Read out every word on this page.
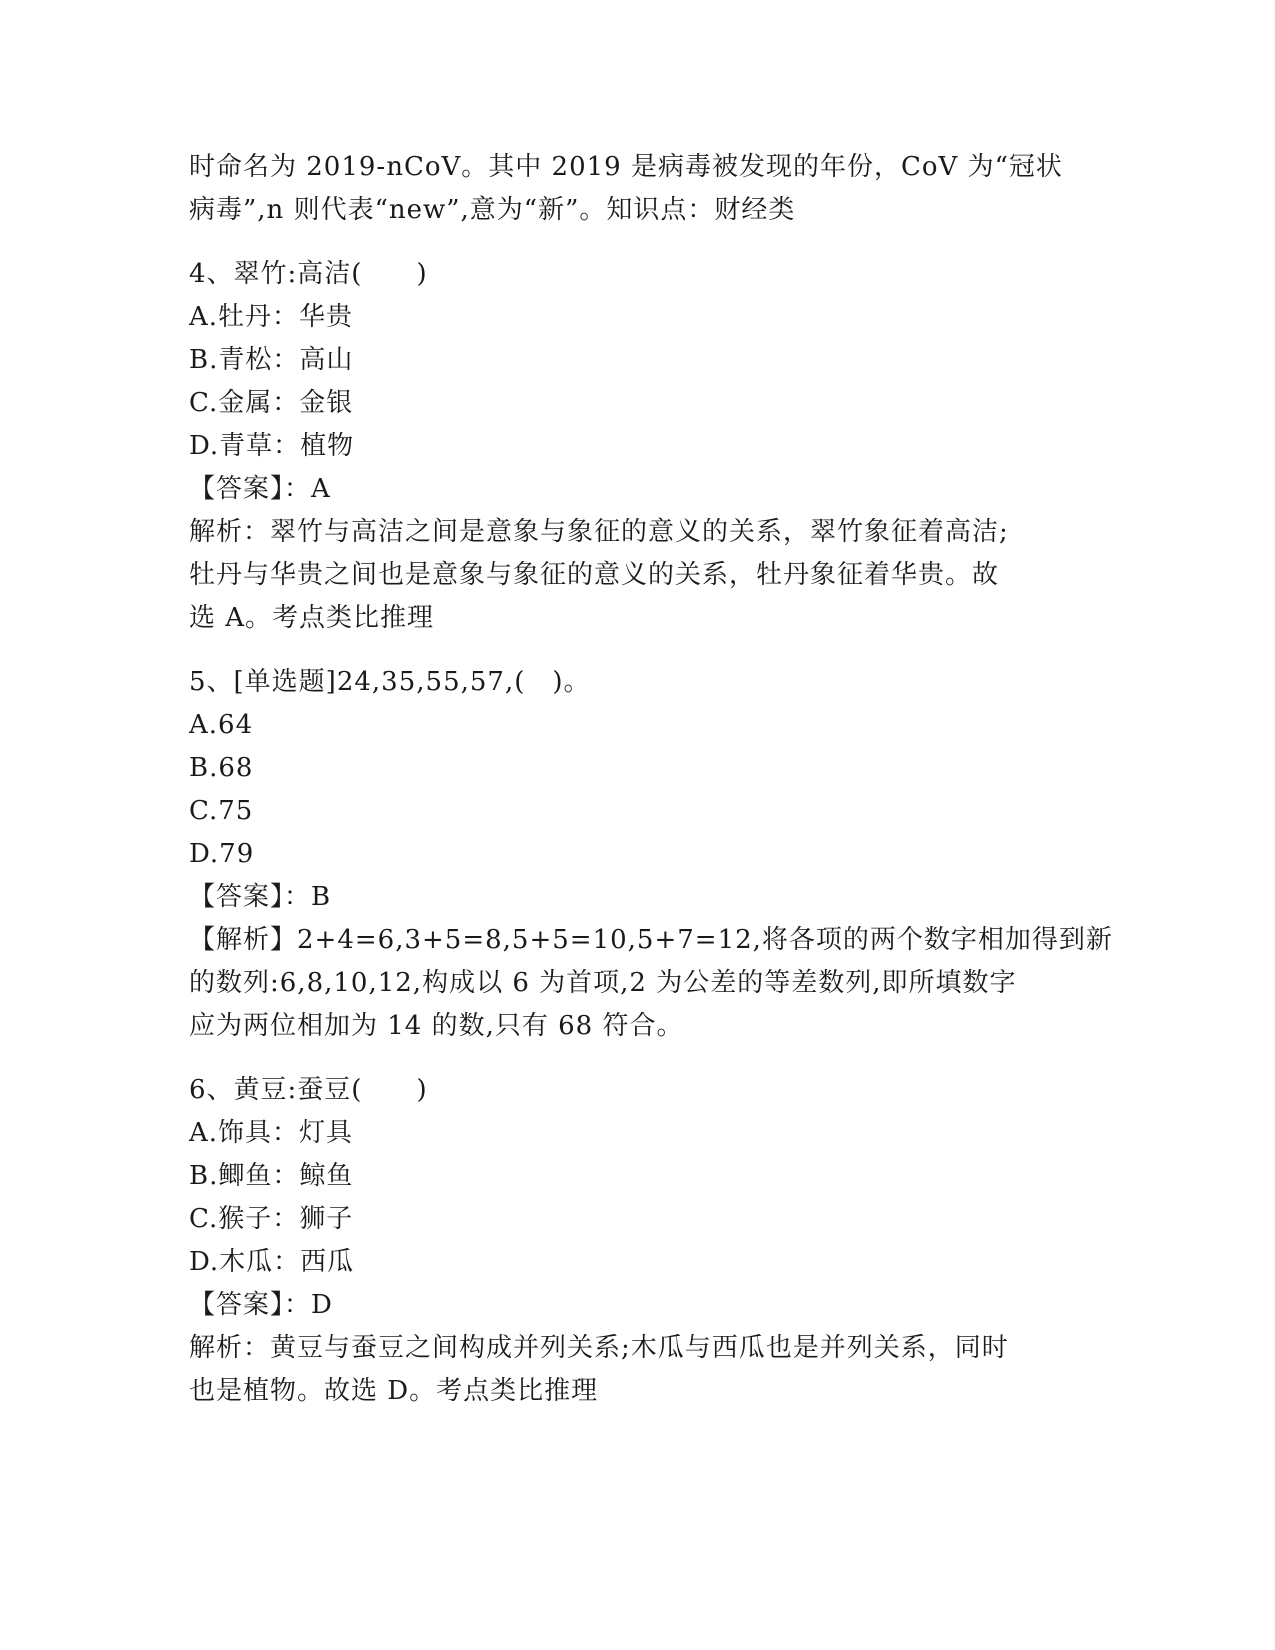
时命名为 2019-nCoV。其中 2019 是病毒被发现的年份，CoV 为“冠状
病毒”,n 则代表“new”,意为“新”。知识点：财经类
4、翠竹:高洁(　　)
A.牡丹：华贵
B.青松：高山
C.金属：金银
D.青草：植物
【答案】：A
解析：翠竹与高洁之间是意象与象征的意义的关系，翠竹象征着高洁;
牡丹与华贵之间也是意象与象征的意义的关系，牡丹象征着华贵。故
选 A。考点类比推理
5、[单选题]24,35,55,57,(　)。
A.64
B.68
C.75
D.79
【答案】：B
【解析】2+4=6,3+5=8,5+5=10,5+7=12,将各项的两个数字相加得到新
的数列:6,8,10,12,构成以 6 为首项,2 为公差的等差数列,即所填数字
应为两位相加为 14 的数,只有 68 符合。
6、黄豆:蚕豆(　　)
A.饰具：灯具
B.鲫鱼：鲸鱼
C.猴子：狮子
D.木瓜：西瓜
【答案】：D
解析：黄豆与蚕豆之间构成并列关系;木瓜与西瓜也是并列关系，同时
也是植物。故选 D。考点类比推理
